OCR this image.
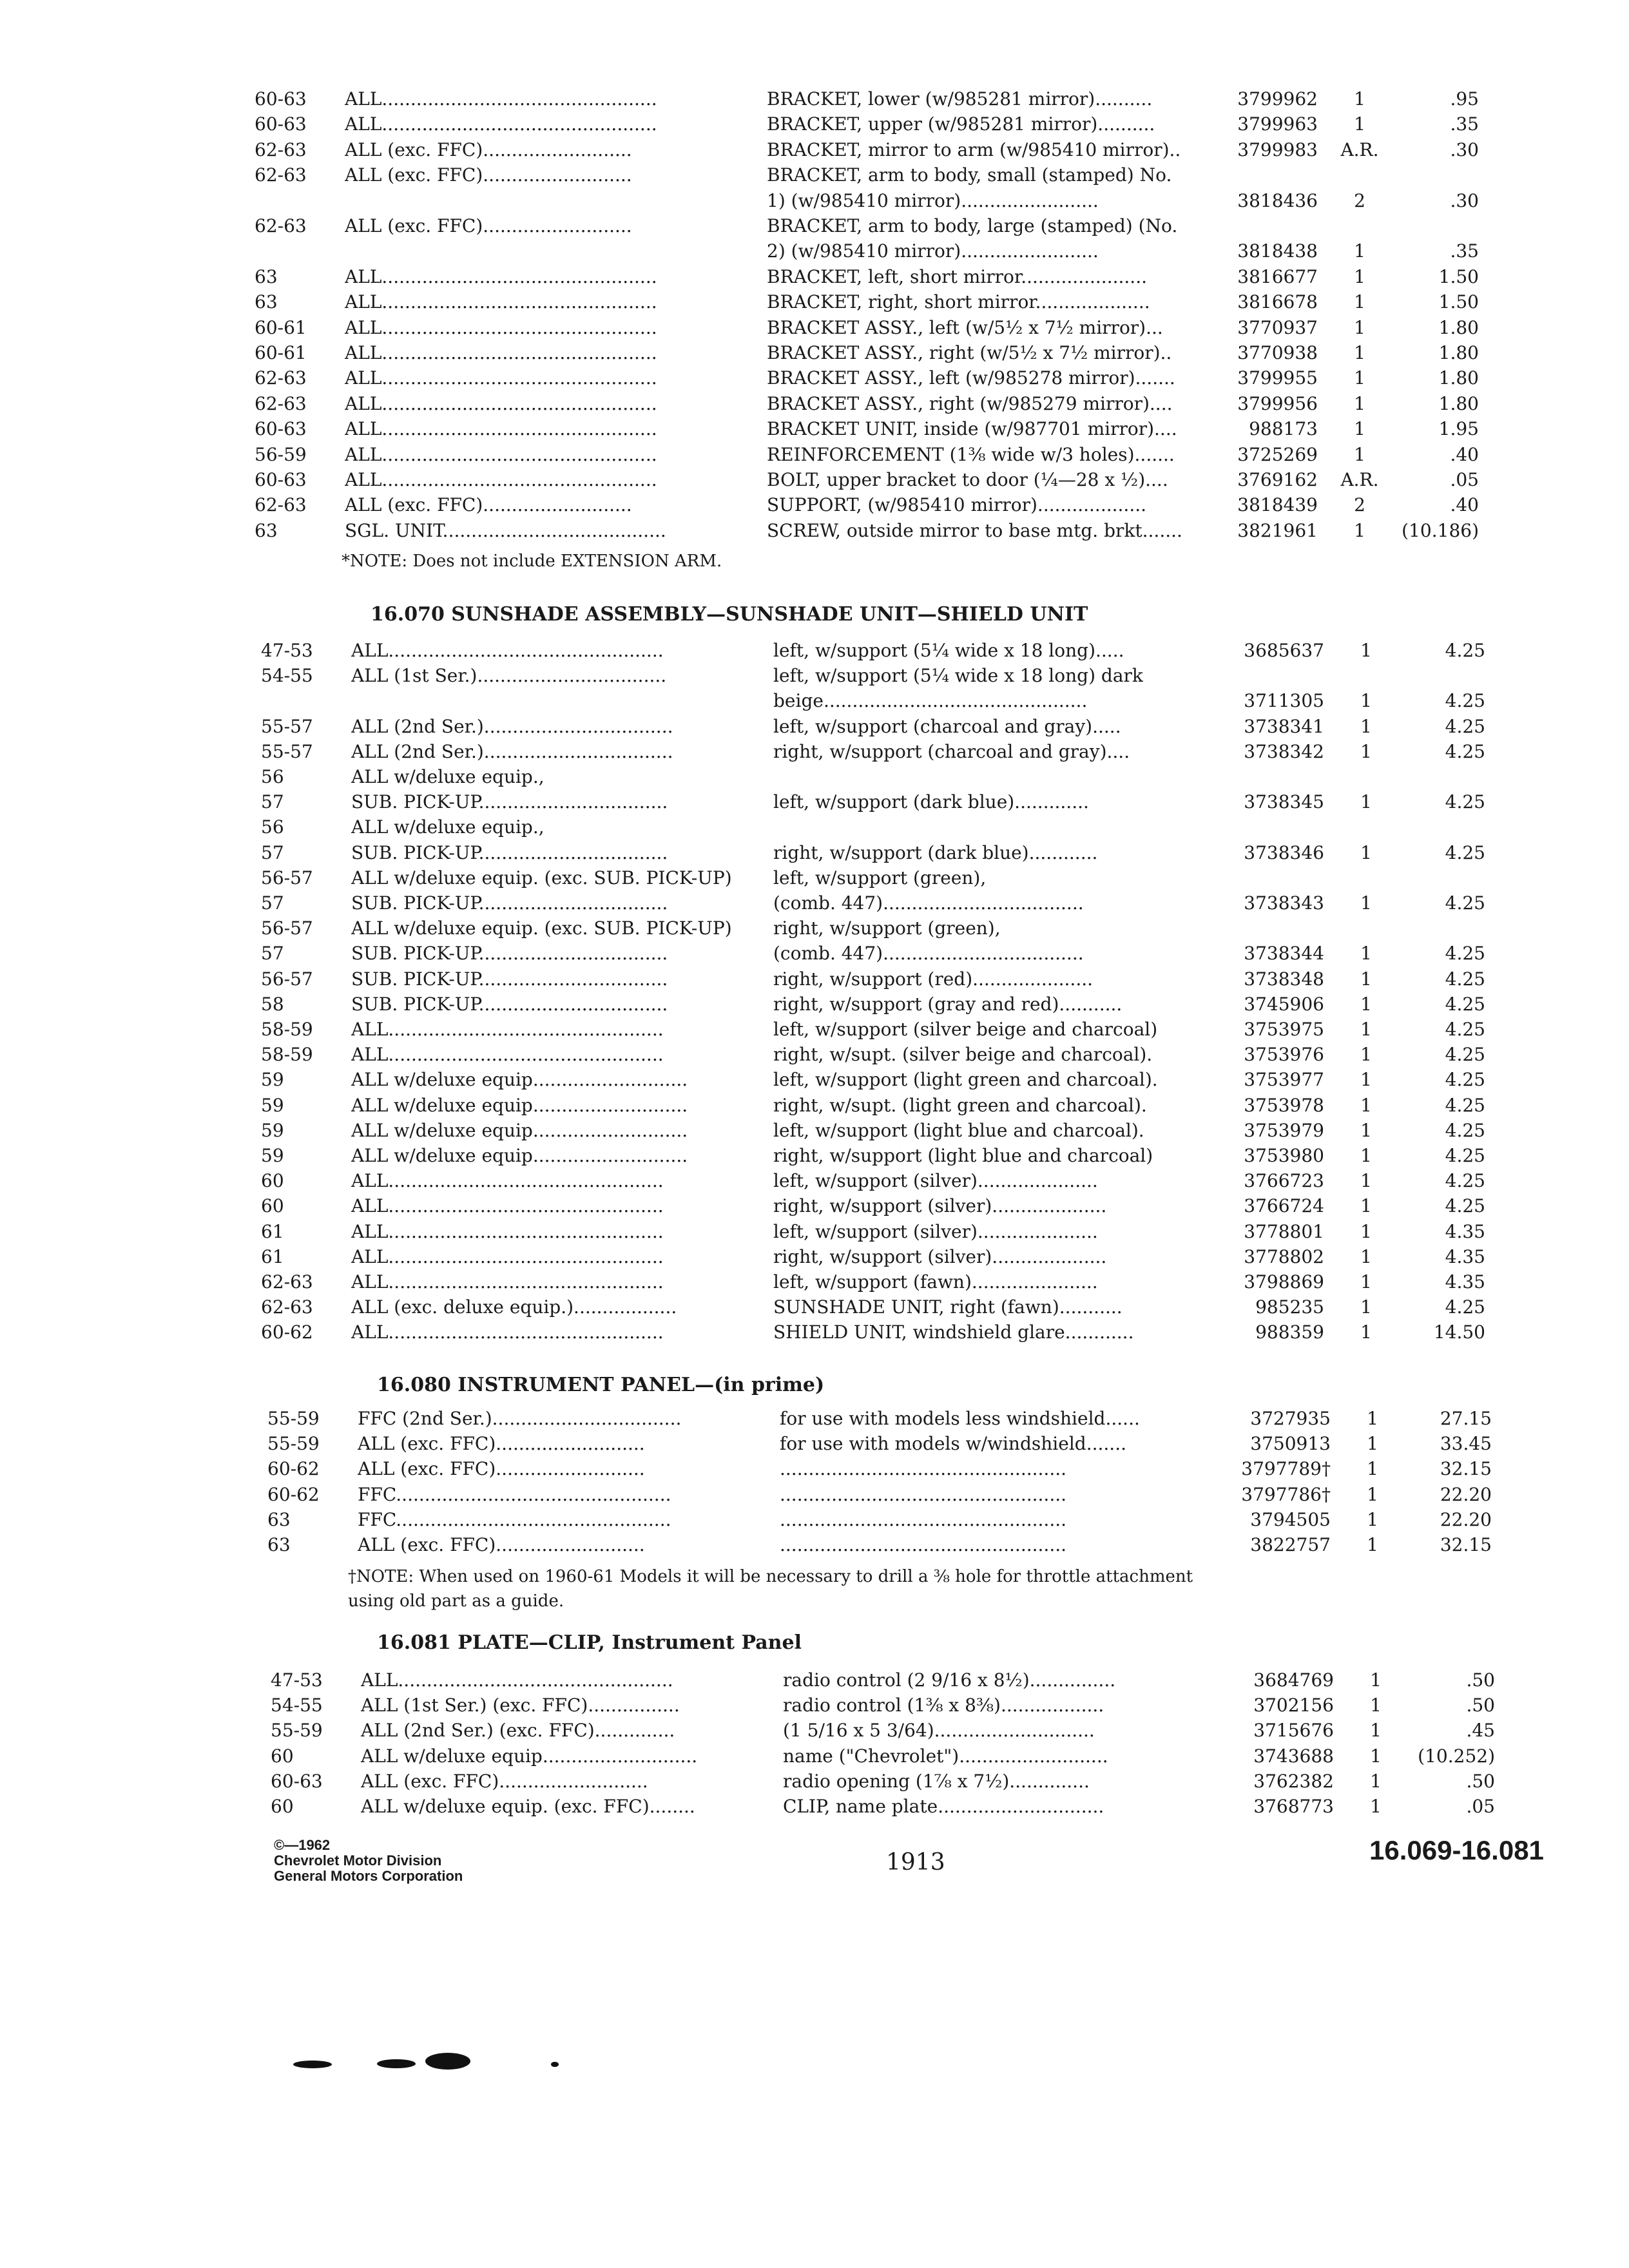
60-63	ALL................................................	BRACKET, lower (w/985281 mirror)..........	3799962	1	.95
60-63	ALL................................................	BRACKET, upper (w/985281 mirror)..........	3799963	1	.35
62-63	ALL (exc. FFC)..........................	BRACKET, mirror to arm (w/985410 mirror)..	3799983	A.R.	.30
62-63	ALL (exc. FFC)..........................	BRACKET, arm to body, small (stamped) No.
1) (w/985410 mirror)........................	3818436	2	.30
62-63	ALL (exc. FFC)..........................	BRACKET, arm to body, large (stamped) (No.
2) (w/985410 mirror)........................	3818438	1	.35
63	ALL................................................	BRACKET, left, short mirror......................	3816677	1	1.50
63	ALL................................................	BRACKET, right, short mirror....................	3816678	1	1.50
60-61	ALL................................................	BRACKET ASSY., left (w/5½ x 7½ mirror)...	3770937	1	1.80
60-61	ALL................................................	BRACKET ASSY., right (w/5½ x 7½ mirror)..	3770938	1	1.80
62-63	ALL................................................	BRACKET ASSY., left (w/985278 mirror).......	3799955	1	1.80
62-63	ALL................................................	BRACKET ASSY., right (w/985279 mirror)....	3799956	1	1.80
60-63	ALL................................................	BRACKET UNIT, inside (w/987701 mirror)....	988173	1	1.95
56-59	ALL................................................	REINFORCEMENT (1⅜ wide w/3 holes).......	3725269	1	.40
60-63	ALL................................................	BOLT, upper bracket to door (¼—28 x ½)....	3769162	A.R.	.05
62-63	ALL (exc. FFC)..........................	SUPPORT, (w/985410 mirror)...................	3818439	2	.40
63	SGL. UNIT.......................................	SCREW, outside mirror to base mtg. brkt.......	3821961	1	(10.186)
*NOTE: Does not include EXTENSION ARM.
16.070 SUNSHADE ASSEMBLY—SUNSHADE UNIT—SHIELD UNIT
47-53	ALL................................................	left, w/support (5¼ wide x 18 long).....	3685637	1	4.25
54-55	ALL (1st Ser.).................................	left, w/support (5¼ wide x 18 long) dark
beige..............................................	3711305	1	4.25
55-57	ALL (2nd Ser.).................................	left, w/support (charcoal and gray).....	3738341	1	4.25
55-57	ALL (2nd Ser.).................................	right, w/support (charcoal and gray)....	3738342	1	4.25
56	ALL w/deluxe equip.,
57	SUB. PICK-UP.................................	left, w/support (dark blue).............	3738345	1	4.25
56	ALL w/deluxe equip.,
57	SUB. PICK-UP.................................	right, w/support (dark blue)............	3738346	1	4.25
56-57	ALL w/deluxe equip. (exc. SUB. PICK-UP)	left, w/support (green),
57	SUB. PICK-UP.................................	(comb. 447)...................................	3738343	1	4.25
56-57	ALL w/deluxe equip. (exc. SUB. PICK-UP)	right, w/support (green),
57	SUB. PICK-UP.................................	(comb. 447)...................................	3738344	1	4.25
56-57	SUB. PICK-UP.................................	right, w/support (red).....................	3738348	1	4.25
58	SUB. PICK-UP.................................	right, w/support (gray and red)...........	3745906	1	4.25
58-59	ALL................................................	left, w/support (silver beige and charcoal)	3753975	1	4.25
58-59	ALL................................................	right, w/supt. (silver beige and charcoal).	3753976	1	4.25
59	ALL w/deluxe equip...........................	left, w/support (light green and charcoal).	3753977	1	4.25
59	ALL w/deluxe equip...........................	right, w/supt. (light green and charcoal).	3753978	1	4.25
59	ALL w/deluxe equip...........................	left, w/support (light blue and charcoal).	3753979	1	4.25
59	ALL w/deluxe equip...........................	right, w/support (light blue and charcoal)	3753980	1	4.25
60	ALL................................................	left, w/support (silver).....................	3766723	1	4.25
60	ALL................................................	right, w/support (silver)....................	3766724	1	4.25
61	ALL................................................	left, w/support (silver).....................	3778801	1	4.35
61	ALL................................................	right, w/support (silver)....................	3778802	1	4.35
62-63	ALL................................................	left, w/support (fawn)......................	3798869	1	4.35
62-63	ALL (exc. deluxe equip.)..................	SUNSHADE UNIT, right (fawn)...........	985235	1	4.25
60-62	ALL................................................	SHIELD UNIT, windshield glare............	988359	1	14.50
16.080 INSTRUMENT PANEL—(in prime)
55-59	FFC (2nd Ser.).................................	for use with models less windshield......	3727935	1	27.15
55-59	ALL (exc. FFC)..........................	for use with models w/windshield.......	3750913	1	33.45
60-62	ALL (exc. FFC)..........................	..................................................	3797789†	1	32.15
60-62	FFC................................................	..................................................	3797786†	1	22.20
63	FFC................................................	..................................................	3794505	1	22.20
63	ALL (exc. FFC)..........................	..................................................	3822757	1	32.15
†NOTE: When used on 1960-61 Models it will be necessary to drill a ⅜ hole for throttle attachment using old part as a guide.
16.081 PLATE—CLIP, Instrument Panel
47-53	ALL................................................	radio control (2 9/16 x 8½)...............	3684769	1	.50
54-55	ALL (1st Ser.) (exc. FFC)................	radio control (1⅜ x 8⅜)..................	3702156	1	.50
55-59	ALL (2nd Ser.) (exc. FFC)..............	(1 5/16 x 5 3/64)............................	3715676	1	.45
60	ALL w/deluxe equip...........................	name ("Chevrolet")..........................	3743688	1	(10.252)
60-63	ALL (exc. FFC)..........................	radio opening (1⅞ x 7½)..............	3762382	1	.50
60	ALL w/deluxe equip. (exc. FFC)........	CLIP, name plate.............................	3768773	1	.05
©—1962
Chevrolet Motor Division
General Motors Corporation
1913	16.069-16.081
